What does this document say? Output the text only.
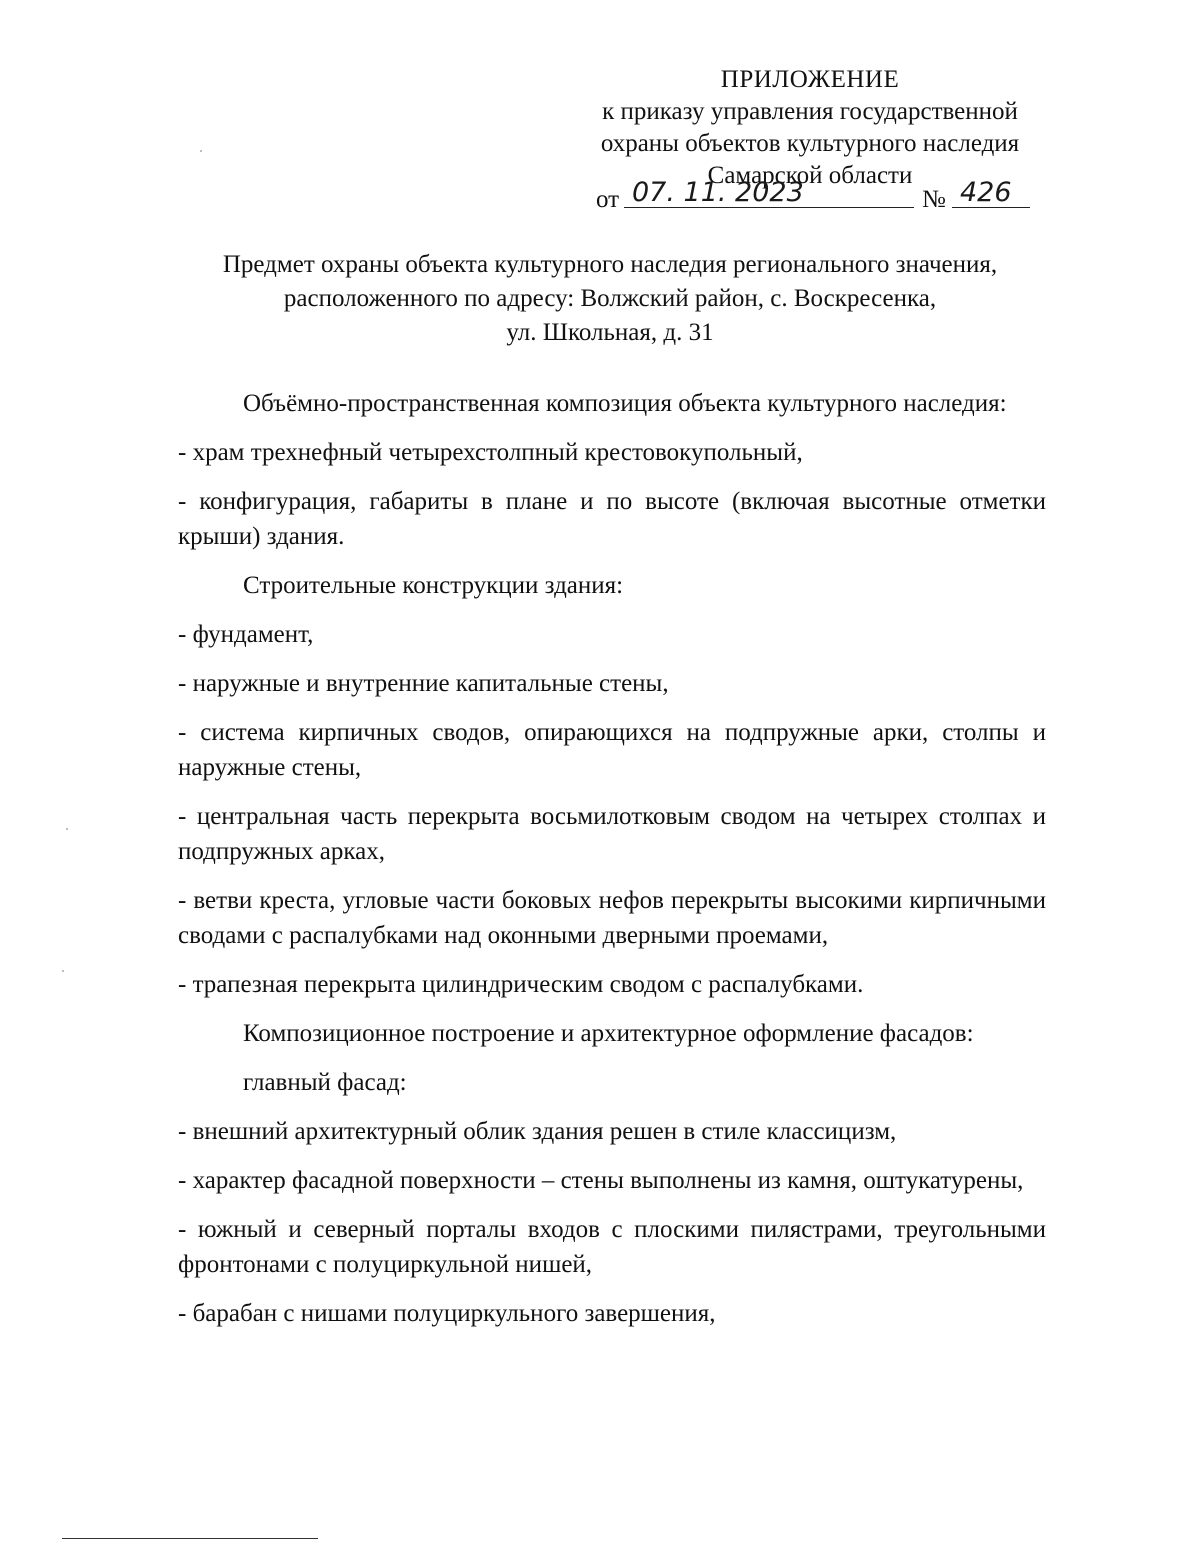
ПРИЛОЖЕНИЕ
к приказу управления государственной
охраны объектов культурного наследия
Самарской области
от 07. 11. 2023	№ 426
Предмет охраны объекта культурного наследия регионального значения,
расположенного по адресу: Волжский район, с. Воскресенка,
ул. Школьная, д. 31

Объёмно-пространственная композиция объекта культурного наследия:

- храм трехнефный четырехстолпный крестовокупольный,

- конфигурация, габариты в плане и по высоте (включая высотные отметки крыши) здания.

Строительные конструкции здания:

- фундамент,

- наружные и внутренние капитальные стены,

- система кирпичных сводов, опирающихся на подпружные арки, столпы и наружные стены,

- центральная часть перекрыта восьмилотковым сводом на четырех столпах и подпружных арках,

- ветви креста, угловые части боковых нефов перекрыты высокими кирпичными сводами с распалубками над оконными дверными проемами,

- трапезная перекрыта цилиндрическим сводом с распалубками.

Композиционное построение и архитектурное оформление фасадов:

главный фасад:

- внешний архитектурный облик здания решен в стиле классицизм,

- характер фасадной поверхности – стены выполнены из камня, оштукатурены,

- южный и северный порталы входов с плоскими пилястрами, треугольными фронтонами с полуциркульной нишей,

- барабан с нишами полуциркульного завершения,
